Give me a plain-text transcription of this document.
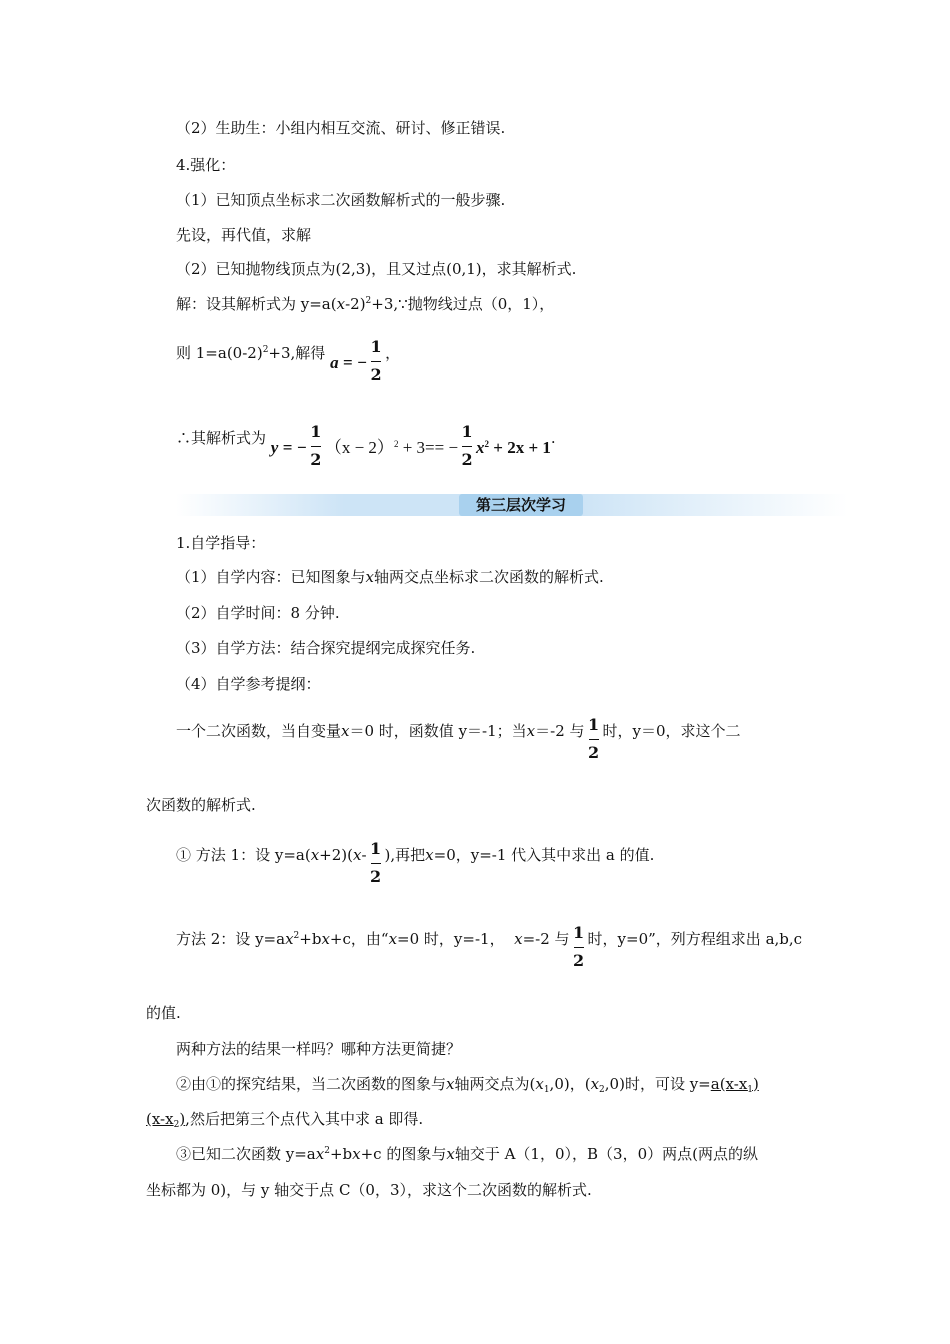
（2）生助生：小组内相互交流、研讨、修正错误.
4.强化：
（1）已知顶点坐标求二次函数解析式的一般步骤.
先设，再代值，求解
（2）已知抛物线顶点为(2,3)，且又过点(0,1)，求其解析式.
解：设其解析式为 $y=a(x-2)^2+3,\because$抛物线过点（0，1），
则 $1=a(0-2)^2+3$,解得 a = − $\frac{1}{2}$ ，
∴其解析式为 y = − $\frac{1}{2} (x - 2)^2 + 3== - \frac{1}{2} x^2 + 2x + 1$.
第三层次学习
1.自学指导：
（1）自学内容：已知图象与x轴两交点坐标求二次函数的解析式.
（2）自学时间：8 分钟.
（3）自学方法：结合探究提纲完成探究任务.
（4）自学参考提纲：
一个二次函数，当自变量x＝0 时，函数值 y＝-1；当x＝-2 与 $\frac{1}{2}$ 时，y＝0，求这个二
次函数的解析式.
① 方法 1：设 $y=a(x+2)(x- \frac{1}{2}$ ),再把x=0，y=-1 代入其中求出 a 的值.
方法 2：设 $y=ax^2+bx+c$，由“x=0 时，y=-1， x=-2 与 $\frac{1}{2}$ 时，y=0”，列方程组求出 a,b,c
的值.
两种方法的结果一样吗？哪种方法更简捷？
②由①的探究结果，当二次函数的图象与x轴两交点为$(x_1,0)$，$(x_2,0)$时，可设 $y=a(x-x_1)$
$(x-x_2)$,然后把第三个点代入其中求 a 即得.
③已知二次函数 $y=ax^2+bx+c$ 的图象与x轴交于 A（1，0），B（3，0）两点(两点的纵
坐标都为 0)，与 y 轴交于点 C（0，3），求这个二次函数的解析式.
